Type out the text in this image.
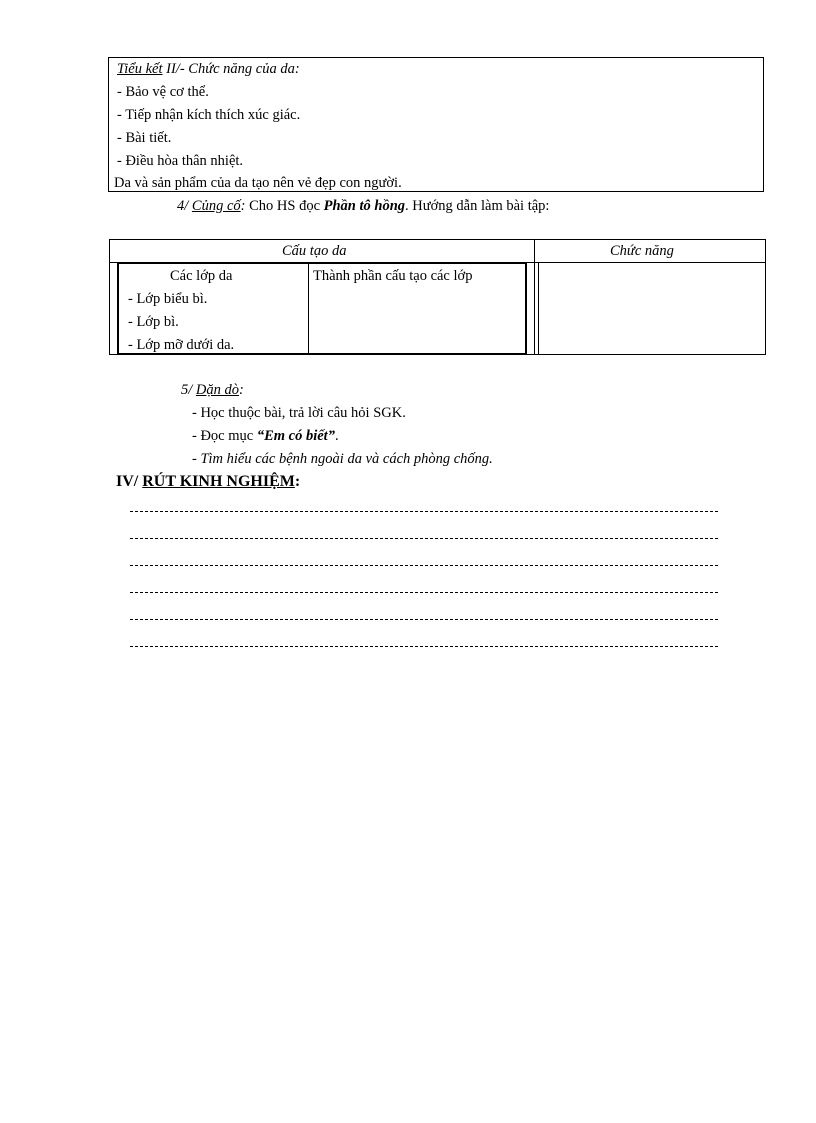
Tiểu kết II/- Chức năng của da:
- Bảo vệ cơ thể.
- Tiếp nhận kích thích xúc giác.
- Bài tiết.
- Điều hòa thân nhiệt.
Da và sản phẩm của da tạo nên vẻ đẹp con người.
4/ Củng cố: Cho HS đọc Phần tô hồng. Hướng dẫn làm bài tập:
Cấu tạo da	Chức năng
Các lớp da	Thành phần cấu tạo các lớp
- Lớp biểu bì.
- Lớp bì.
- Lớp mỡ dưới da.
5/ Dặn dò:
- Học thuộc bài, trả lời câu hỏi SGK.
- Đọc mục “Em có biết”.
- Tìm hiểu các bệnh ngoài da và cách phòng chống.
IV/ RÚT KINH NGHIỆM:
